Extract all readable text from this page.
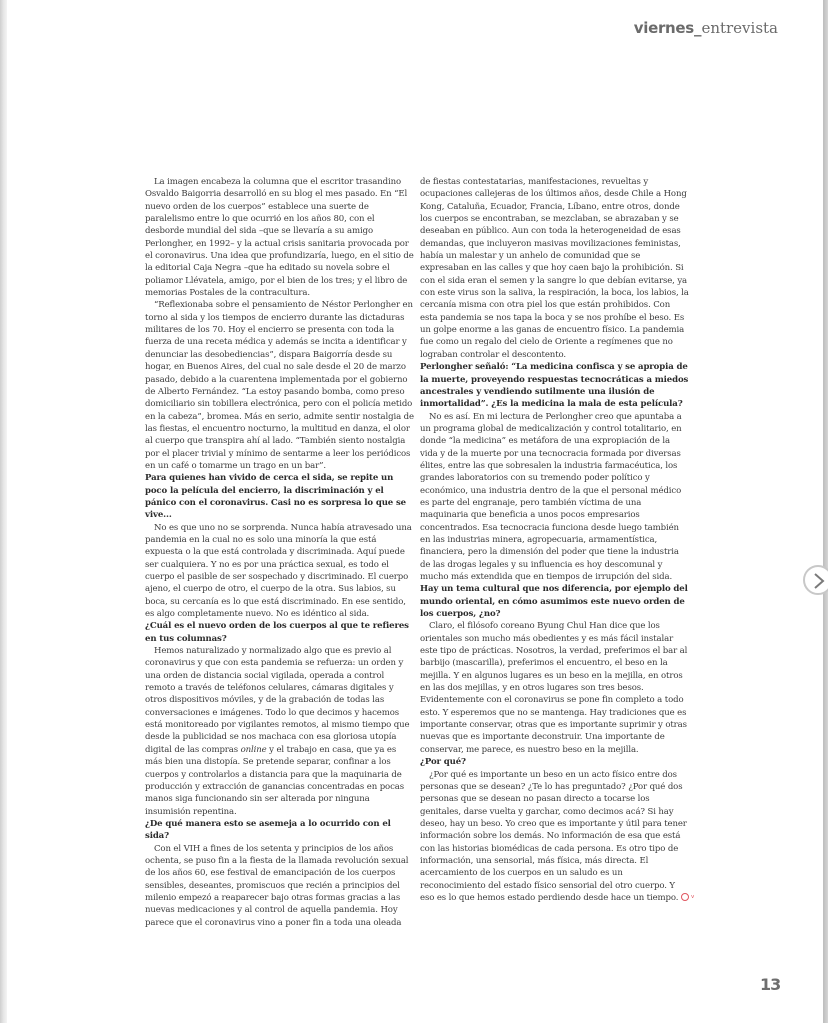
viernes_entrevista

La imagen encabeza la columna que el escritor trasandino Osvaldo Baigorria desarrolló en su blog el mes pasado. En “El nuevo orden de los cuerpos” establece una suerte de paralelismo entre lo que ocurrió en los años 80, con el desborde mundial del sida –que se llevaría a su amigo Perlongher, en 1992– y la actual crisis sanitaria provocada por el coronavirus. Una idea que profundizaría, luego, en el sitio de la editorial Caja Negra –que ha editado su novela sobre el poliamor Llévatela, amigo, por el bien de los tres; y el libro de memorias Postales de la contracultura.

“Reflexionaba sobre el pensamiento de Néstor Perlongher en torno al sida y los tiempos de encierro durante las dictaduras militares de los 70. Hoy el encierro se presenta con toda la fuerza de una receta médica y además se incita a identificar y denunciar las desobediencias”, dispara Baigorría desde su hogar, en Buenos Aires, del cual no sale desde el 20 de marzo pasado, debido a la cuarentena implementada por el gobierno de Alberto Fernández. “La estoy pasando bomba, como preso domiciliario sin tobillera electrónica, pero con el policía metido en la cabeza”, bromea. Más en serio, admite sentir nostalgia de las fiestas, el encuentro nocturno, la multitud en danza, el olor al cuerpo que transpira ahí al lado. “También siento nostalgia por el placer trivial y mínimo de sentarme a leer los periódicos en un café o tomarme un trago en un bar”.

Para quienes han vivido de cerca el sida, se repite un poco la película del encierro, la discriminación y el pánico con el coronavirus. Casi no es sorpresa lo que se vive...

No es que uno no se sorprenda. Nunca había atravesado una pandemia en la cual no es solo una minoría la que está expuesta o la que está controlada y discriminada. Aquí puede ser cualquiera. Y no es por una práctica sexual, es todo el cuerpo el pasible de ser sospechado y discriminado. El cuerpo ajeno, el cuerpo de otro, el cuerpo de la otra. Sus labios, su boca, su cercanía es lo que está discriminado. En ese sentido, es algo completamente nuevo. No es idéntico al sida.

¿Cuál es el nuevo orden de los cuerpos al que te refieres en tus columnas?

Hemos naturalizado y normalizado algo que es previo al coronavirus y que con esta pandemia se refuerza: un orden y una orden de distancia social vigilada, operada a control remoto a través de teléfonos celulares, cámaras digitales y otros dispositivos móviles, y de la grabación de todas las conversaciones e imágenes. Todo lo que decimos y hacemos está monitoreado por vigilantes remotos, al mismo tiempo que desde la publicidad se nos machaca con esa gloriosa utopía digital de las compras online y el trabajo en casa, que ya es más bien una distopía. Se pretende separar, confinar a los cuerpos y controlarlos a distancia para que la maquinaria de producción y extracción de ganancias concentradas en pocas manos siga funcionando sin ser alterada por ninguna insumisión repentina.

¿De qué manera esto se asemeja a lo ocurrido con el sida?

Con el VIH a fines de los setenta y principios de los años ochenta, se puso fin a la fiesta de la llamada revolución sexual de los años 60, ese festival de emancipación de los cuerpos sensibles, deseantes, promiscuos que recién a principios del milenio empezó a reaparecer bajo otras formas gracias a las nuevas medicaciones y al control de aquella pandemia. Hoy parece que el coronavirus vino a poner fin a toda una oleada

de fiestas contestatarias, manifestaciones, revueltas y ocupaciones callejeras de los últimos años, desde Chile a Hong Kong, Cataluña, Ecuador, Francia, Líbano, entre otros, donde los cuerpos se encontraban, se mezclaban, se abrazaban y se deseaban en público. Aun con toda la heterogeneidad de esas demandas, que incluyeron masivas movilizaciones feministas, había un malestar y un anhelo de comunidad que se expresaban en las calles y que hoy caen bajo la prohibición. Si con el sida eran el semen y la sangre lo que debían evitarse, ya con este virus son la saliva, la respiración, la boca, los labios, la cercanía misma con otra piel los que están prohibidos. Con esta pandemia se nos tapa la boca y se nos prohíbe el beso. Es un golpe enorme a las ganas de encuentro físico. La pandemia fue como un regalo del cielo de Oriente a regímenes que no lograban controlar el descontento.

Perlongher señaló: “La medicina confisca y se apropia de la muerte, proveyendo respuestas tecnocráticas a miedos ancestrales y vendiendo sutilmente una ilusión de inmortalidad”. ¿Es la medicina la mala de esta película?

No es así. En mi lectura de Perlongher creo que apuntaba a un programa global de medicalización y control totalitario, en donde “la medicina” es metáfora de una expropiación de la vida y de la muerte por una tecnocracia formada por diversas élites, entre las que sobresalen la industria farmacéutica, los grandes laboratorios con su tremendo poder político y económico, una industria dentro de la que el personal médico es parte del engranaje, pero también víctima de una maquinaria que beneficia a unos pocos empresarios concentrados. Esa tecnocracia funciona desde luego también en las industrias minera, agropecuaria, armamentística, financiera, pero la dimensión del poder que tiene la industria de las drogas legales y su influencia es hoy descomunal y mucho más extendida que en tiempos de irrupción del sida.

Hay un tema cultural que nos diferencia, por ejemplo del mundo oriental, en cómo asumimos este nuevo orden de los cuerpos, ¿no?

Claro, el filósofo coreano Byung Chul Han dice que los orientales son mucho más obedientes y es más fácil instalar este tipo de prácticas. Nosotros, la verdad, preferimos el bar al barbijo (mascarilla), preferimos el encuentro, el beso en la mejilla. Y en algunos lugares es un beso en la mejilla, en otros en las dos mejillas, y en otros lugares son tres besos. Evidentemente con el coronavirus se pone fin completo a todo esto. Y esperemos que no se mantenga. Hay tradiciones que es importante conservar, otras que es importante suprimir y otras nuevas que es importante deconstruir. Una importante de conservar, me parece, es nuestro beso en la mejilla.

¿Por qué?

¿Por qué es importante un beso en un acto físico entre dos personas que se desean? ¿Te lo has preguntado? ¿Por qué dos personas que se desean no pasan directo a tocarse los genitales, darse vuelta y garchar, como decimos acá? Si hay deseo, hay un beso. Yo creo que es importante y útil para tener información sobre los demás. No información de esa que está con las historias biomédicas de cada persona. Es otro tipo de información, una sensorial, más física, más directa. El acercamiento de los cuerpos en un saludo es un reconocimiento del estado físico sensorial del otro cuerpo. Y eso es lo que hemos estado perdiendo desde hace un tiempo. v

13
